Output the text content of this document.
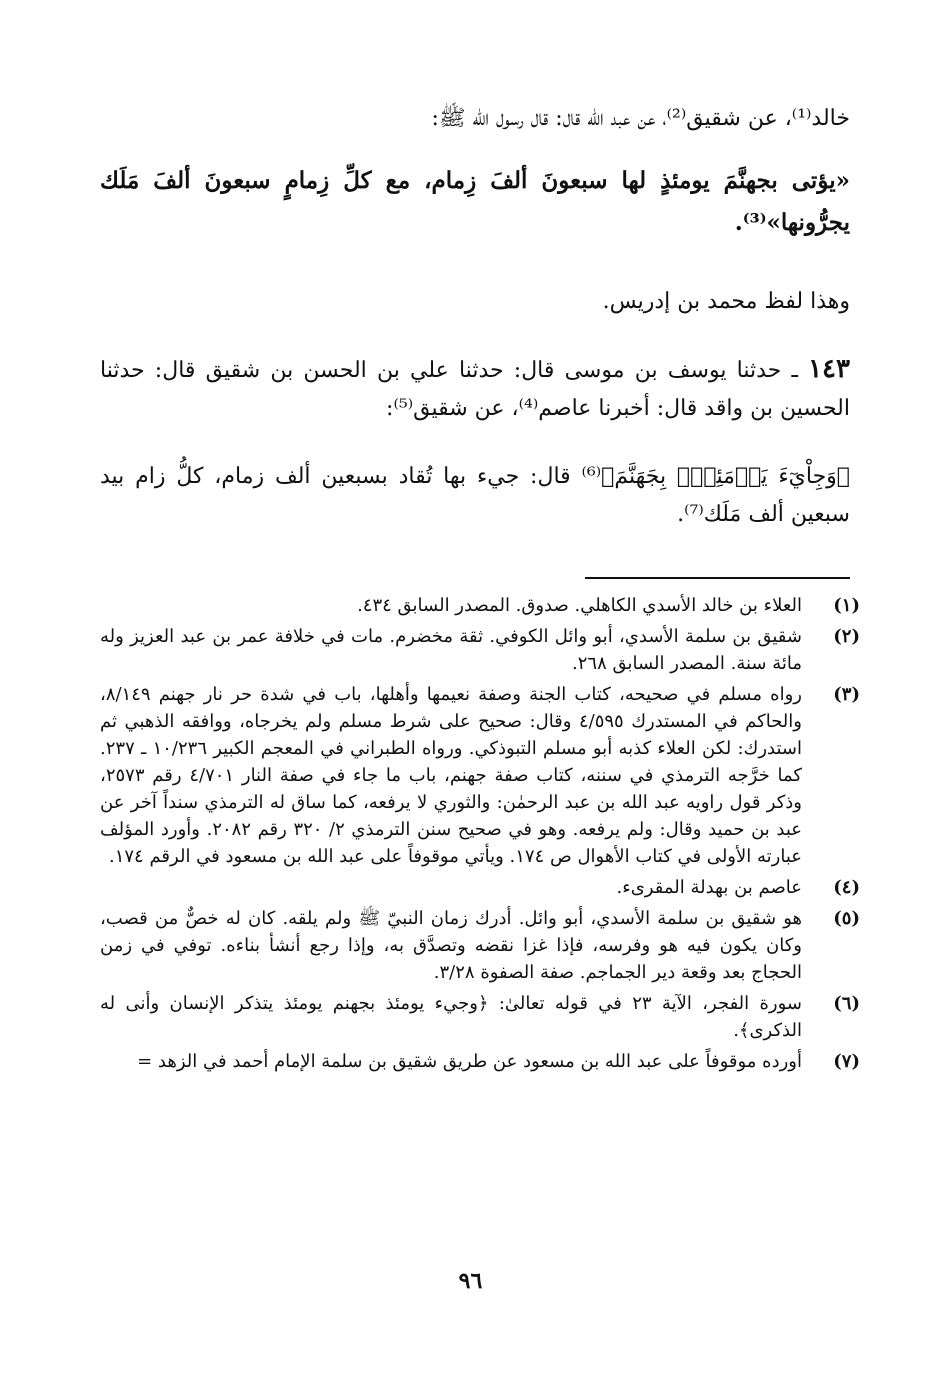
خالد⁽¹⁾، عن شقيق⁽²⁾، عن عبد الله قال: قال رسول الله ﷺ:
«يؤتى بجهنَّمَ يومئذٍ لها سبعونَ ألفَ زِمام، مع كلِّ زِمامٍ سبعونَ ألفَ مَلَك يجرُّونها»⁽³⁾.
وهذا لفظ محمد بن إدريس.
١٤٣ ـ حدثنا يوسف بن موسى قال: حدثنا علي بن الحسن بن شقيق قال: حدثنا الحسين بن واقد قال: أخبرنا عاصم⁽⁴⁾، عن شقيق⁽⁵⁾:
﴿وَجِاْيٓءَ يَوۡمَئِذِۭ بِجَهَنَّمَ﴾⁽⁶⁾ قال: جيء بها تُقاد بسبعين ألف زمام، كلُّ زام بيد سبعين ألف مَلَك⁽⁷⁾.
(١)
العلاء بن خالد الأسدي الكاهلي. صدوق. المصدر السابق ٤٣٤.
(٢)
شقيق بن سلمة الأسدي، أبو وائل الكوفي. ثقة مخضرم. مات في خلافة عمر بن عبد العزيز وله مائة سنة. المصدر السابق ٢٦٨.
(٣)
رواه مسلم في صحيحه، كتاب الجنة وصفة نعيمها وأهلها، باب في شدة حر نار جهنم ٨/١٤٩، والحاكم في المستدرك ٤/٥٩٥ وقال: صحيح على شرط مسلم ولم يخرجاه، ووافقه الذهبي ثم استدرك: لكن العلاء كذبه أبو مسلم التبوذكي. ورواه الطبراني في المعجم الكبير ١٠/٢٣٦ ـ ٢٣٧. كما خرَّجه الترمذي في سننه، كتاب صفة جهنم، باب ما جاء في صفة النار ٤/٧٠١ رقم ٢٥٧٣، وذكر قول راويه عبد الله بن عبد الرحمٰن: والثوري لا يرفعه، كما ساق له الترمذي سنداً آخر عن عبد بن حميد وقال: ولم يرفعه. وهو في صحيح سنن الترمذي ٢/ ٣٢٠ رقم ٢٠٨٢. وأورد المؤلف عبارته الأولى في كتاب الأهوال ص ١٧٤. ويأتي موقوفاً على عبد الله بن مسعود في الرقم ١٧٤.
(٤)
عاصم بن بهدلة المقرىء.
(٥)
هو شقيق بن سلمة الأسدي، أبو وائل. أدرك زمان النبيّ ﷺ ولم يلقه. كان له خصٌّ من قصب، وكان يكون فيه هو وفرسه، فإذا غزا نقضه وتصدَّق به، وإذا رجع أنشأ بناءه. توفي في زمن الحجاج بعد وقعة دير الجماجم. صفة الصفوة ٣/٢٨.
(٦)
سورة الفجر، الآية ٢٣ في قوله تعالىٰ: ﴿وجيء يومئذ بجهنم يومئذ يتذكر الإنسان وأنى له الذكرى﴾.
(٧)
أورده موقوفاً على عبد الله بن مسعود عن طريق شقيق بن سلمة الإمام أحمد في الزهد =
٩٦
